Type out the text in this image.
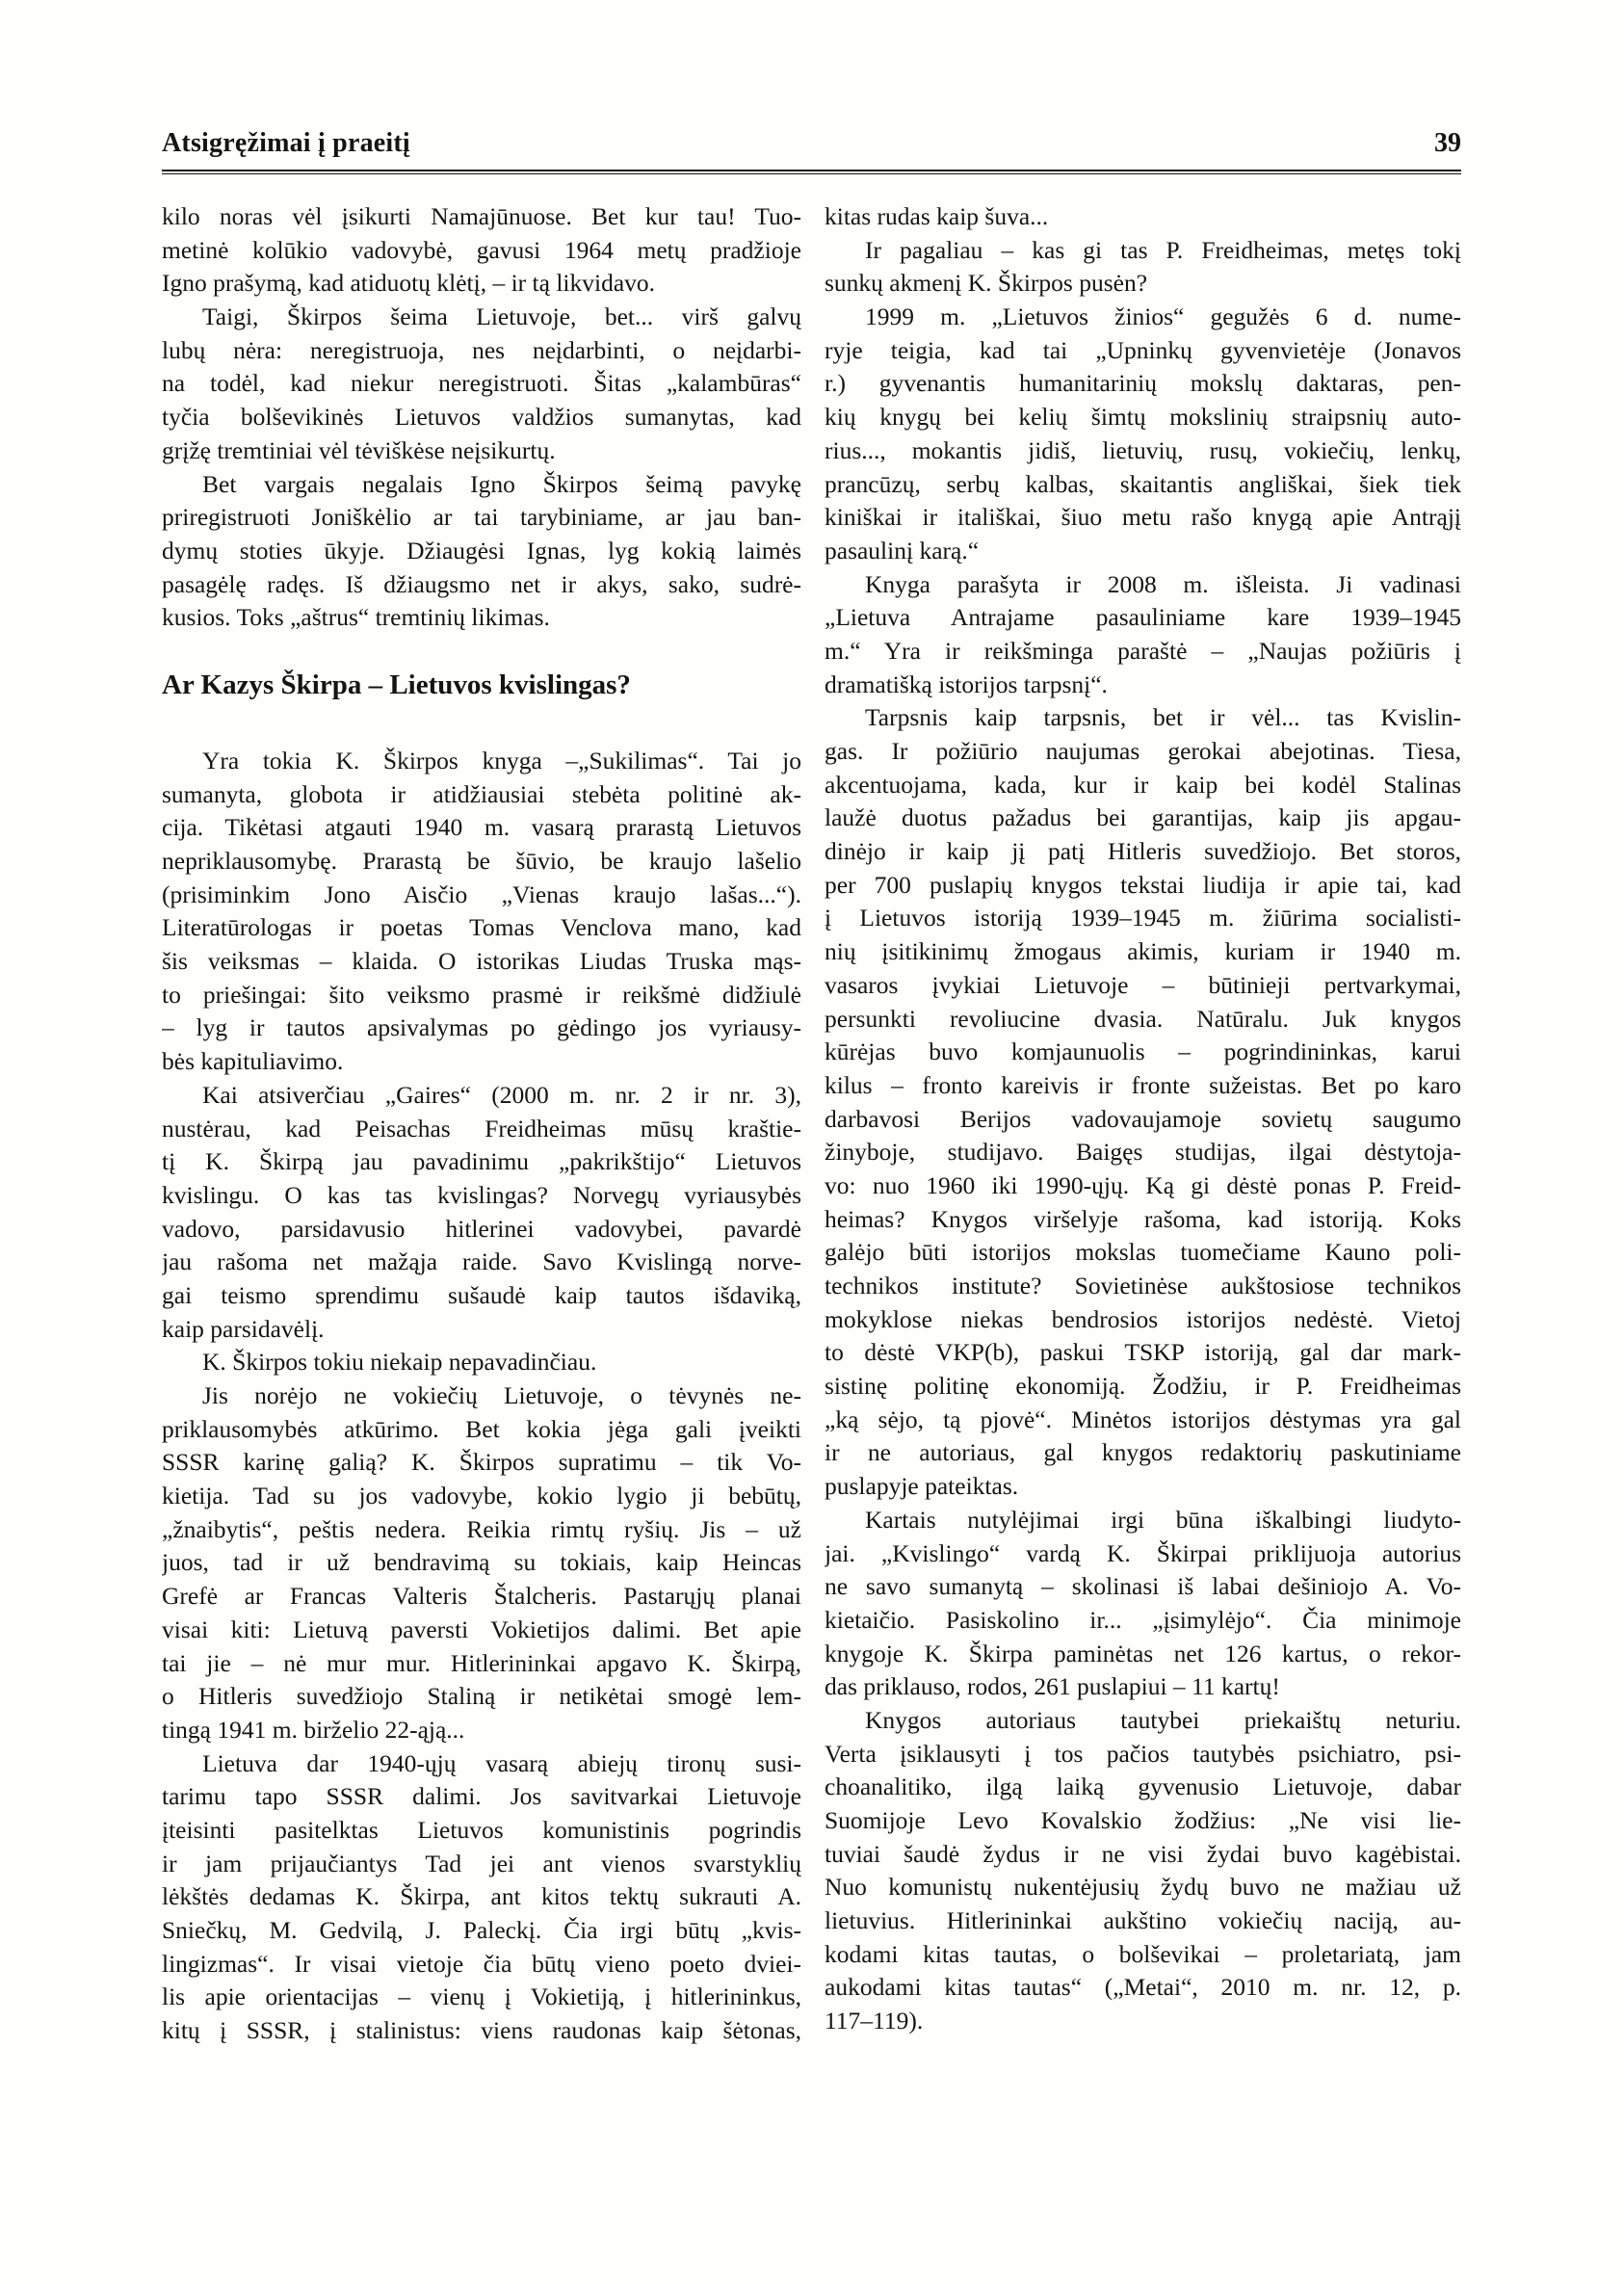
Atsigręžimai į praeitį	39
kilo noras vėl įsikurti Namajūnuose. Bet kur tau! Tuo-
metinė kolūkio vadovybė, gavusi 1964 metų pradžioje
Igno prašymą, kad atiduotų klėtį, – ir tą likvidavo.
Taigi, Škirpos šeima Lietuvoje, bet... virš galvų
lubų nėra: neregistruoja, nes neįdarbinti, o neįdarbi-
na todėl, kad niekur neregistruoti. Šitas „kalambūras“
tyčia bolševikinės Lietuvos valdžios sumanytas, kad
grįžę tremtiniai vėl tėviškėse neįsikurtų.
Bet vargais negalais Igno Škirpos šeimą pavykę
priregistruoti Joniškėlio ar tai tarybiniame, ar jau ban-
dymų stoties ūkyje. Džiaugėsi Ignas, lyg kokią laimės
pasagėlę radęs. Iš džiaugsmo net ir akys, sako, sudrė-
kusios. Toks „aštrus“ tremtinių likimas.
Ar Kazys Škirpa – Lietuvos kvislingas?
Yra tokia K. Škirpos knyga –„Sukilimas“. Tai jo
sumanyta, globota ir atidžiausiai stebėta politinė ak-
cija. Tikėtasi atgauti 1940 m. vasarą prarastą Lietuvos
nepriklausomybę. Prarastą be šūvio, be kraujo lašelio
(prisiminkim Jono Aisčio „Vienas kraujo lašas...“).
Literatūrologas ir poetas Tomas Venclova mano, kad
šis veiksmas – klaida. O istorikas Liudas Truska mąs-
to priešingai: šito veiksmo prasmė ir reikšmė didžiulė
– lyg ir tautos apsivalymas po gėdingo jos vyriausy-
bės kapituliavimo.
Kai atsiverčiau „Gaires“ (2000 m. nr. 2 ir nr. 3),
nustėrau, kad Peisachas Freidheimas mūsų kraštie-
tį K. Škirpą jau pavadinimu „pakrikštijo“ Lietuvos
kvislingu. O kas tas kvislingas? Norvegų vyriausybės
vadovo, parsidavusio hitlerinei vadovybei, pavardė
jau rašoma net mažąja raide. Savo Kvislingą norve-
gai teismo sprendimu sušaudė kaip tautos išdaviką,
kaip parsidavėlį.
K. Škirpos tokiu niekaip nepavadinčiau.
Jis norėjo ne vokiečių Lietuvoje, o tėvynės ne-
priklausomybės atkūrimo. Bet kokia jėga gali įveikti
SSSR karinę galią? K. Škirpos supratimu – tik Vo-
kietija. Tad su jos vadovybe, kokio lygio ji bebūtų,
„žnaibytis“, peštis nedera. Reikia rimtų ryšių. Jis – už
juos, tad ir už bendravimą su tokiais, kaip Heincas
Grefė ar Francas Valteris Štalcheris. Pastarųjų planai
visai kiti: Lietuvą paversti Vokietijos dalimi. Bet apie
tai jie – nė mur mur. Hitlerininkai apgavo K. Škirpą,
o Hitleris suvedžiojo Staliną ir netikėtai smogė lem-
tingą 1941 m. birželio 22-ąją...
Lietuva dar 1940-ųjų vasarą abiejų tironų susi-
tarimu tapo SSSR dalimi. Jos savitvarkai Lietuvoje
įteisinti pasitelktas Lietuvos komunistinis pogrindis
ir jam prijaučiantys Tad jei ant vienos svarstyklių
lėkštės dedamas K. Škirpa, ant kitos tektų sukrauti A.
Sniečkų, M. Gedvilą, J. Paleckį. Čia irgi būtų „kvis-
lingizmas“. Ir visai vietoje čia būtų vieno poeto dviei-
lis apie orientacijas – vienų į Vokietiją, į hitlerininkus,
kitų į SSSR, į stalinistus: viens raudonas kaip šėtonas,
kitas rudas kaip šuva...
Ir pagaliau – kas gi tas P. Freidheimas, metęs tokį
sunkų akmenį K. Škirpos pusėn?
1999 m. „Lietuvos žinios“ gegužės 6 d. nume-
ryje teigia, kad tai „Upninkų gyvenvietėje (Jonavos
r.) gyvenantis humanitarinių mokslų daktaras, pen-
kių knygų bei kelių šimtų mokslinių straipsnių auto-
rius..., mokantis jidiš, lietuvių, rusų, vokiečių, lenkų,
prancūzų, serbų kalbas, skaitantis angliškai, šiek tiek
kiniškai ir itališkai, šiuo metu rašo knygą apie Antrąjį
pasaulinį karą.“
Knyga parašyta ir 2008 m. išleista. Ji vadinasi
„Lietuva Antrajame pasauliniame kare 1939–1945
m.“ Yra ir reikšminga paraštė – „Naujas požiūris į
dramatišką istorijos tarpsnį“.
Tarpsnis kaip tarpsnis, bet ir vėl... tas Kvislin-
gas. Ir požiūrio naujumas gerokai abejotinas. Tiesa,
akcentuojama, kada, kur ir kaip bei kodėl Stalinas
laužė duotus pažadus bei garantijas, kaip jis apgau-
dinėjo ir kaip jį patį Hitleris suvedžiojo. Bet storos,
per 700 puslapių knygos tekstai liudija ir apie tai, kad
į Lietuvos istoriją 1939–1945 m. žiūrima socialisti-
nių įsitikinimų žmogaus akimis, kuriam ir 1940 m.
vasaros įvykiai Lietuvoje – būtinieji pertvarkymai,
persunkti revoliucine dvasia. Natūralu. Juk knygos
kūrėjas buvo komjaunuolis – pogrindininkas, karui
kilus – fronto kareivis ir fronte sužeistas. Bet po karo
darbavosi Berijos vadovaujamoje sovietų saugumo
žinyboje, studijavo. Baigęs studijas, ilgai dėstytoja-
vo: nuo 1960 iki 1990-ųjų. Ką gi dėstė ponas P. Freid-
heimas? Knygos viršelyje rašoma, kad istoriją. Koks
galėjo būti istorijos mokslas tuomečiame Kauno poli-
technikos institute? Sovietinėse aukštosiose technikos
mokyklose niekas bendrosios istorijos nedėstė. Vietoj
to dėstė VKP(b), paskui TSKP istoriją, gal dar mark-
sistinę politinę ekonomiją. Žodžiu, ir P. Freidheimas
„ką sėjo, tą pjovė“. Minėtos istorijos dėstymas yra gal
ir ne autoriaus, gal knygos redaktorių paskutiniame
puslapyje pateiktas.
Kartais nutylėjimai irgi būna iškalbingi liudyto-
jai. „Kvislingo“ vardą K. Škirpai priklijuoja autorius
ne savo sumanytą – skolinasi iš labai dešiniojo A. Vo-
kietaičio. Pasiskolino ir... „įsimylėjo“. Čia minimoje
knygoje K. Škirpa paminėtas net 126 kartus, o rekor-
das priklauso, rodos, 261 puslapiui – 11 kartų!
Knygos autoriaus tautybei priekaištų neturiu.
Verta įsiklausyti į tos pačios tautybės psichiatro, psi-
choanalitiko, ilgą laiką gyvenusio Lietuvoje, dabar
Suomijoje Levo Kovalskio žodžius: „Ne visi lie-
tuviai šaudė žydus ir ne visi žydai buvo kagėbistai.
Nuo komunistų nukentėjusių žydų buvo ne mažiau už
lietuvius. Hitlerininkai aukštino vokiečių naciją, au-
kodami kitas tautas, o bolševikai – proletariatą, jam
aukodami kitas tautas“ („Metai“, 2010 m. nr. 12, p.
117–119).
